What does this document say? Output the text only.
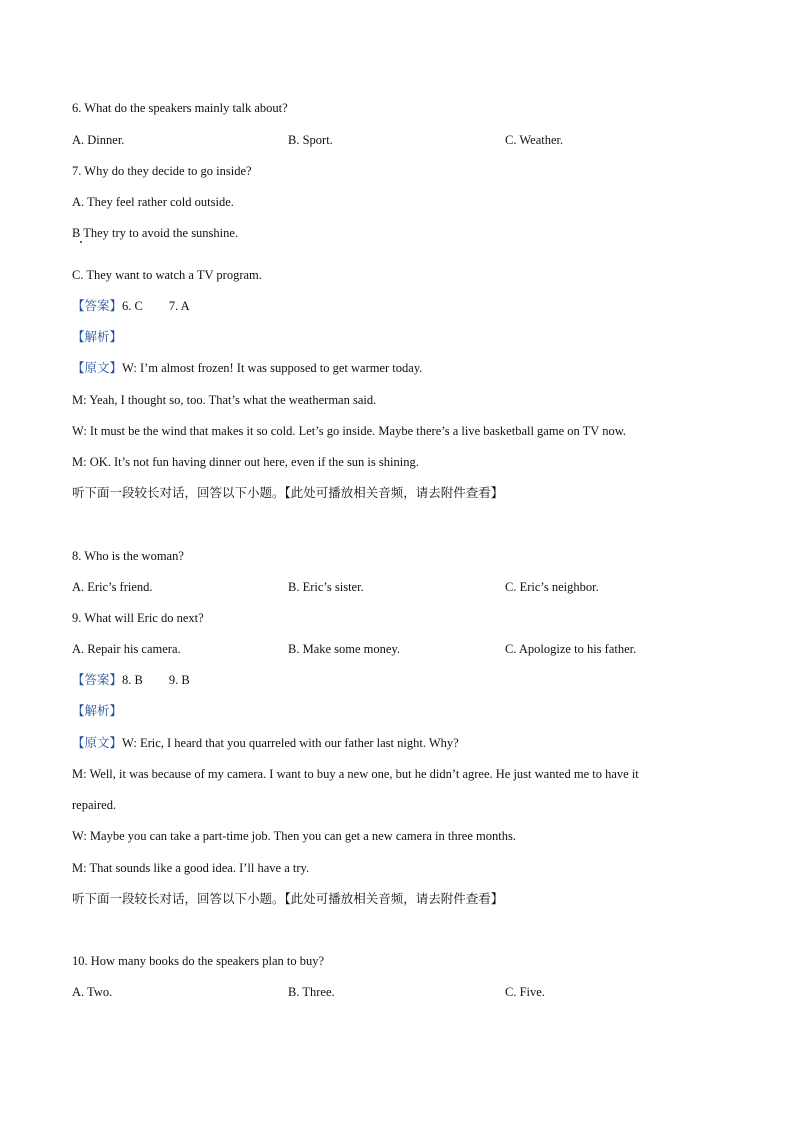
6. What do the speakers mainly talk about?
A. Dinner.	B. Sport.	C. Weather.
7. Why do they decide to go inside?
A. They feel rather cold outside.
B They try to avoid the sunshine.
C. They want to watch a TV program.
【答案】6. C 7. A
【解析】
【原文】W: I’m almost frozen! It was supposed to get warmer today.
M: Yeah, I thought so, too. That’s what the weatherman said.
W: It must be the wind that makes it so cold. Let’s go inside. Maybe there’s a live basketball game on TV now.
M: OK. It’s not fun having dinner out here, even if the sun is shining.
听下面一段较长对话，回答以下小题。【此处可播放相关音频，请去附件查看】
8. Who is the woman?
A. Eric’s friend.	B. Eric’s sister.	C. Eric’s neighbor.
9. What will Eric do next?
A. Repair his camera.	B. Make some money.	C. Apologize to his father.
【答案】8. B 9. B
【解析】
【原文】W: Eric, I heard that you quarreled with our father last night. Why?
M: Well, it was because of my camera. I want to buy a new one, but he didn’t agree. He just wanted me to have it
repaired.
W: Maybe you can take a part-time job. Then you can get a new camera in three months.
M: That sounds like a good idea. I’ll have a try.
听下面一段较长对话，回答以下小题。【此处可播放相关音频，请去附件查看】
10. How many books do the speakers plan to buy?
A. Two.	B. Three.	C. Five.
